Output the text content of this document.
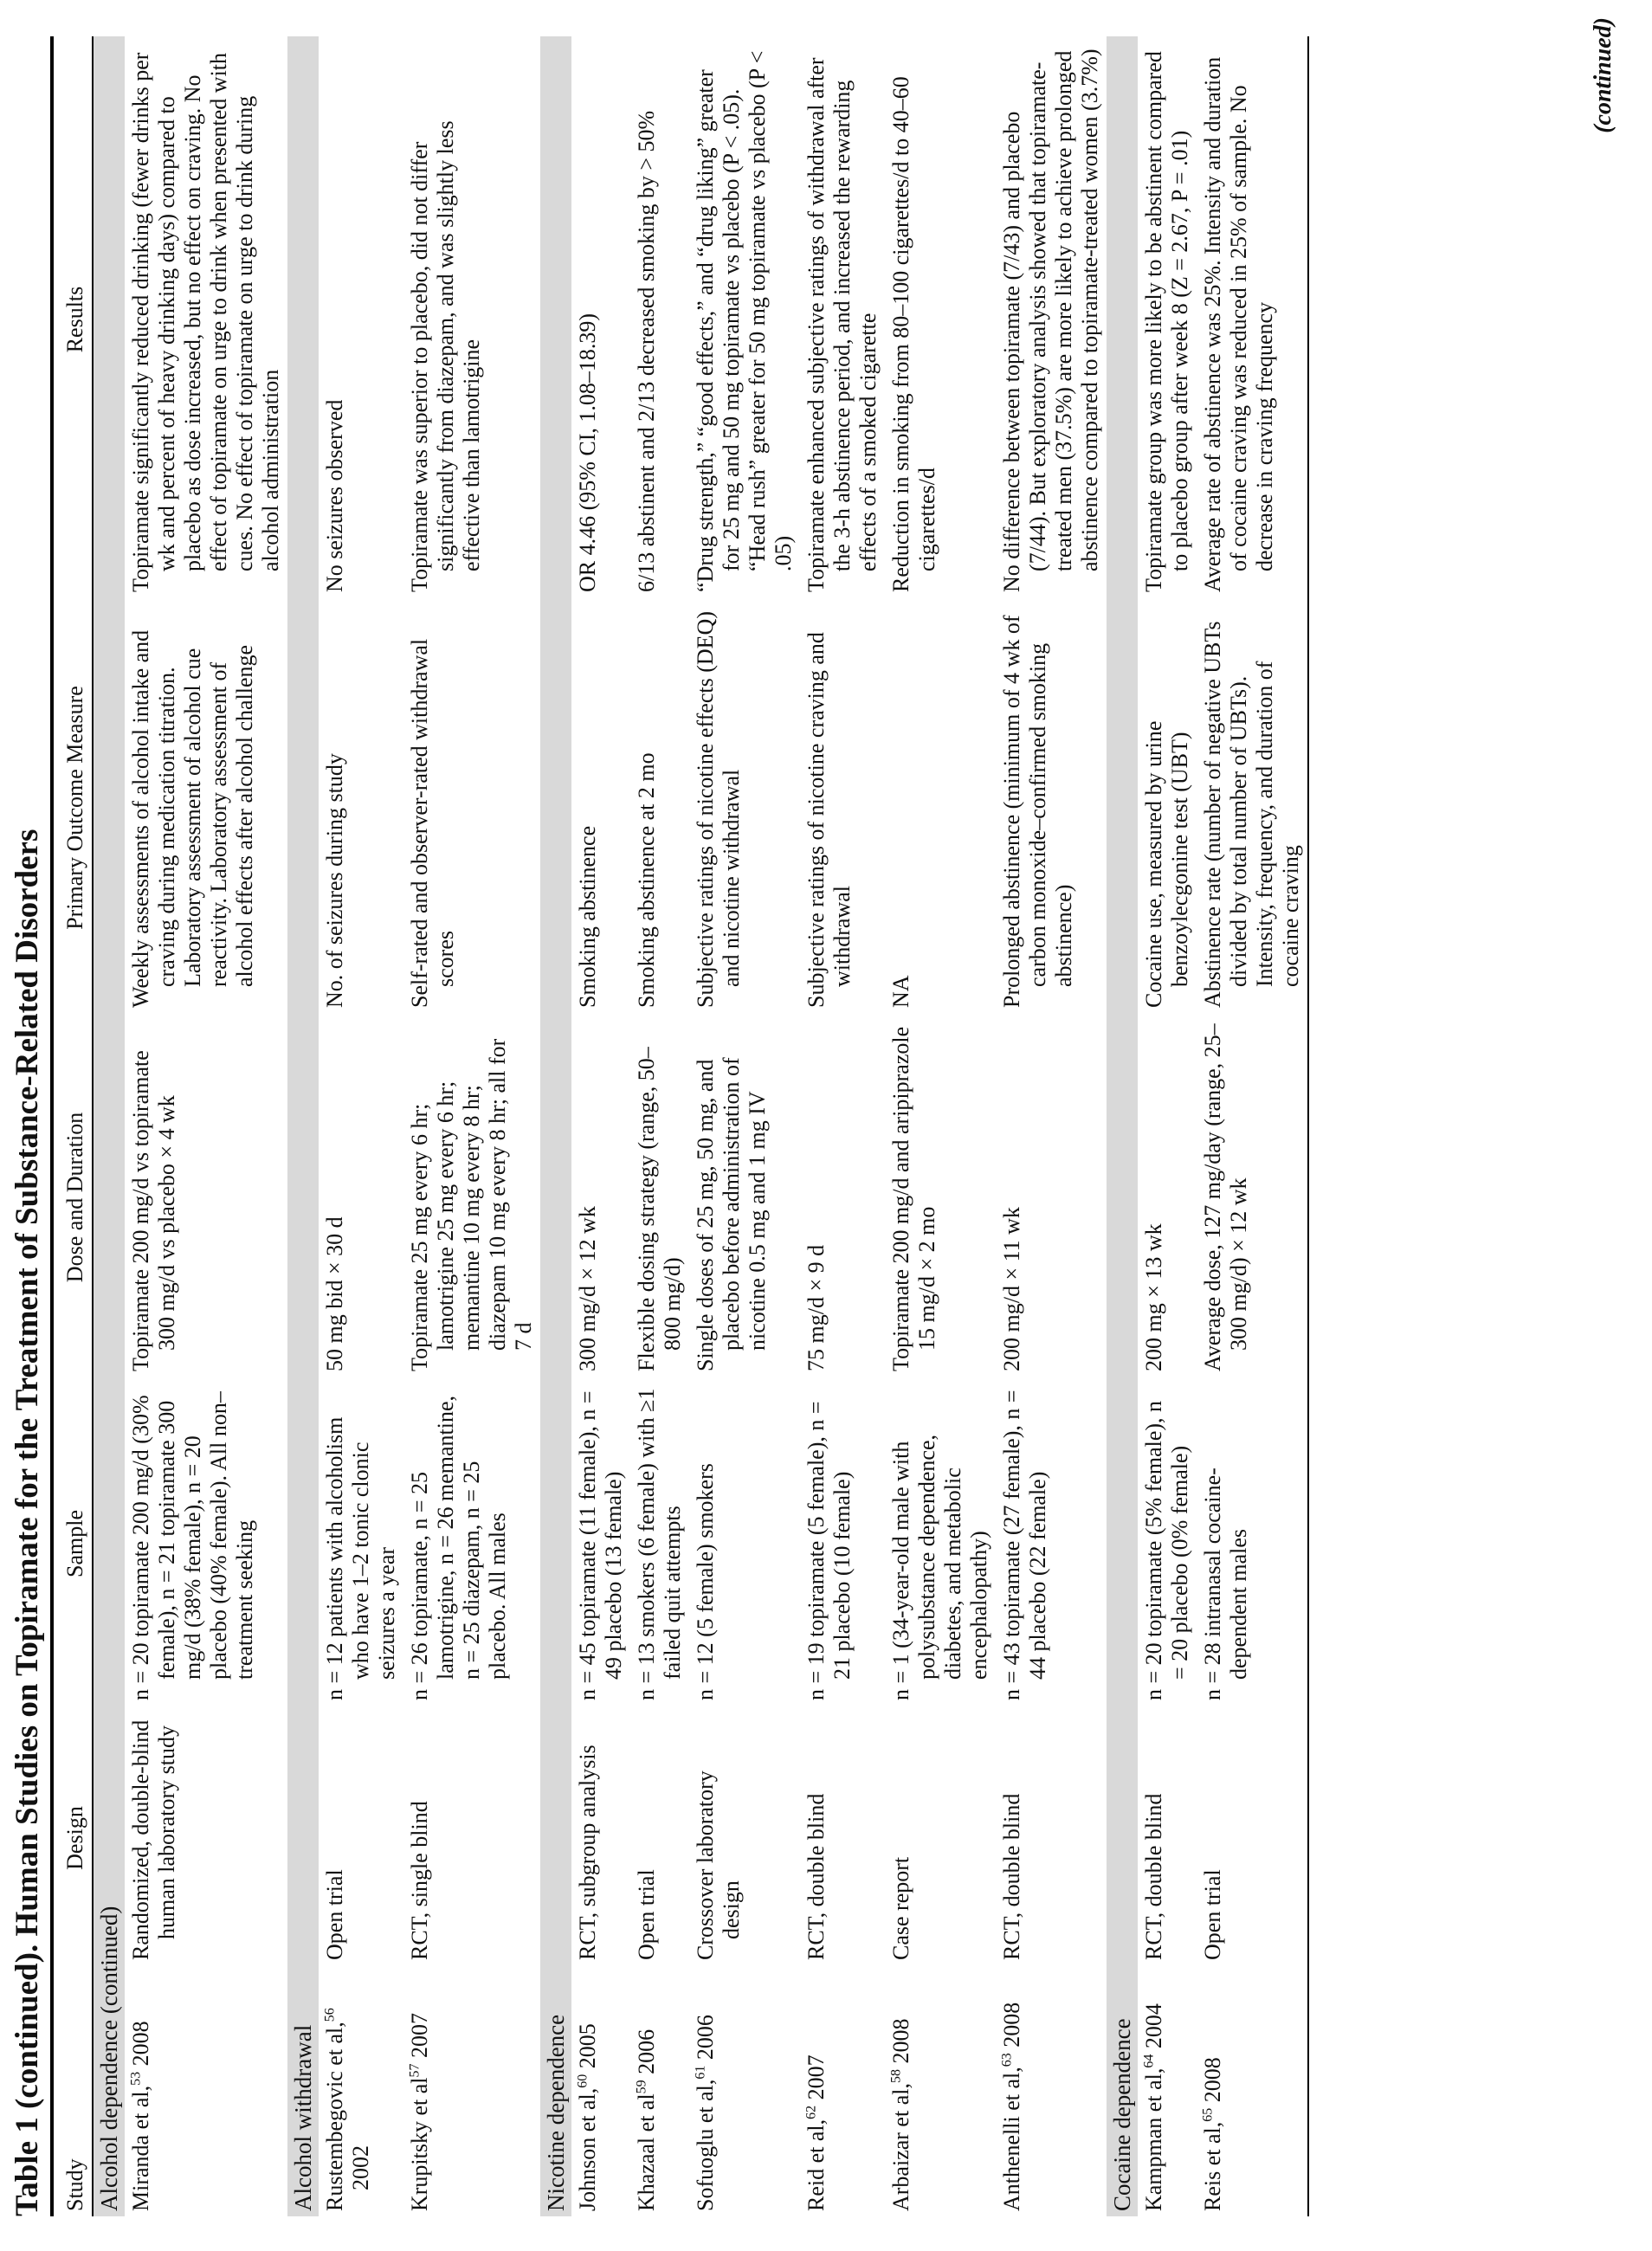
Table 1 (continued). Human Studies on Topiramate for the Treatment of Substance-Related Disorders
Study
Design
Sample
Dose and Duration
Primary Outcome Measure
Results
Alcohol dependence (continued) Miranda et al,$^{53}$ 2008
Randomized, double-blind human laboratory study
n = 20 topiramate 200 mg/d (30% female), n = 21 topiramate 300 mg/d (38% female), n = 20 placebo (40% female). All non–treatment seeking
Topiramate 200 mg/d vs topiramate 300 mg/d vs placebo × 4 wk
Weekly assessments of alcohol intake and craving during medication titration. Laboratory assessment of alcohol cue reactivity. Laboratory assessment of alcohol effects after alcohol challenge
Topiramate significantly reduced drinking (fewer drinks per wk and percent of heavy drinking days) compared to placebo as dose increased, but no effect on craving. No effect of topiramate on urge to drink when presented with cues. No effect of topiramate on urge to drink during alcohol administration
Alcohol withdrawal Rustembegovic et al,$^{56}$ 2002
Open trial
n = 12 patients with alcoholism who have 1–2 tonic clonic seizures a year
50 mg bid × 30 d
No. of seizures during study
No seizures observed
Krupitsky et $al^{57}$ 2007
RCT, single blind
n = 26 topiramate, n = 25 lamotrigine, n = 26 memantine, n = 25 diazepam, n = 25 placebo. All males
Topiramate 25 mg every 6 hr; lamotrigine 25 mg every 6 hr; memantine 10 mg every 8 hr; diazepam 10 mg every 8 hr; all for 7 d
Self-rated and observer-rated withdrawal scores
Topiramate was superior to placebo, did not differ significantly from diazepam, and was slightly less effective than lamotrigine
Nicotine dependence Johnson et al,$^{60}$ 2005
RCT, subgroup analysis
n = 45 topiramate (11 female), n = 49 placebo (13 female)
300 mg/d × 12 wk
Smoking abstinence
OR 4.46 (95% CI, 1.08–18.39)
Khazaal et $al^{59}$ 2006
Open trial
n = 13 smokers (6 female) with ≥1 failed quit attempts
Flexible dosing strategy (range, 50–800 mg/d)
Smoking abstinence at 2 mo
6/13 abstinent and 2/13 decreased smoking by > 50%
Sofuoglu et al,$^{61}$ 2006
Crossover laboratory design
n = 12 (5 female) smokers
Single doses of 25 mg, 50 mg, and placebo before administration of nicotine 0.5 mg and 1 mg IV
Subjective ratings of nicotine effects (DEQ) and nicotine withdrawal
“Drug strength,” “good effects,” and “drug liking” greater for 25 mg and 50 mg topiramate vs placebo (P < .05). “Head rush” greater for 50 mg topiramate vs placebo (P < .05)
Reid et al,$^{62}$ 2007
RCT, double blind
n = 19 topiramate (5 female), n = 21 placebo (10 female)
75 mg/d × 9 d
Subjective ratings of nicotine craving and withdrawal
Topiramate enhanced subjective ratings of withdrawal after the 3-h abstinence period, and increased the rewarding effects of a smoked cigarette
Arbaizar et al,$^{58}$ 2008
Case report
n = 1 (34-year-old male with polysubstance dependence, diabetes, and metabolic encephalopathy)
Topiramate 200 mg/d and aripiprazole 15 mg/d × 2 mo
NA
Reduction in smoking from 80–100 cigarettes/d to 40–60 cigarettes/d
Anthenelli et al,$^{63}$ 2008
RCT, double blind
n = 43 topiramate (27 female), n = 44 placebo (22 female)
200 mg/d × 11 wk
Prolonged abstinence (minimum of 4 wk of carbon monoxide–confirmed smoking abstinence)
No difference between topiramate (7/43) and placebo (7/44). But exploratory analysis showed that topiramate-treated men (37.5%) are more likely to achieve prolonged abstinence compared to topiramate-treated women (3.7%)
Cocaine dependence Kampman et al,$^{64}$ 2004
RCT, double blind
n = 20 topiramate (5% female), n = 20 placebo (0% female)
200 mg × 13 wk
Cocaine use, measured by urine benzoylecgonine test (UBT)
Topiramate group was more likely to be abstinent compared to placebo group after week 8 (Z = 2.67, P = .01)
Reis et al,$^{65}$ 2008
Open trial
n = 28 intranasal cocaine-dependent males
Average dose, 127 mg/day (range, 25–300 mg/d) × 12 wk
Abstinence rate (number of negative UBTs divided by total number of UBTs). Intensity, frequency, and duration of cocaine craving
Average rate of abstinence was 25%. Intensity and duration of cocaine craving was reduced in 25% of sample. No decrease in craving frequency
(continued)
